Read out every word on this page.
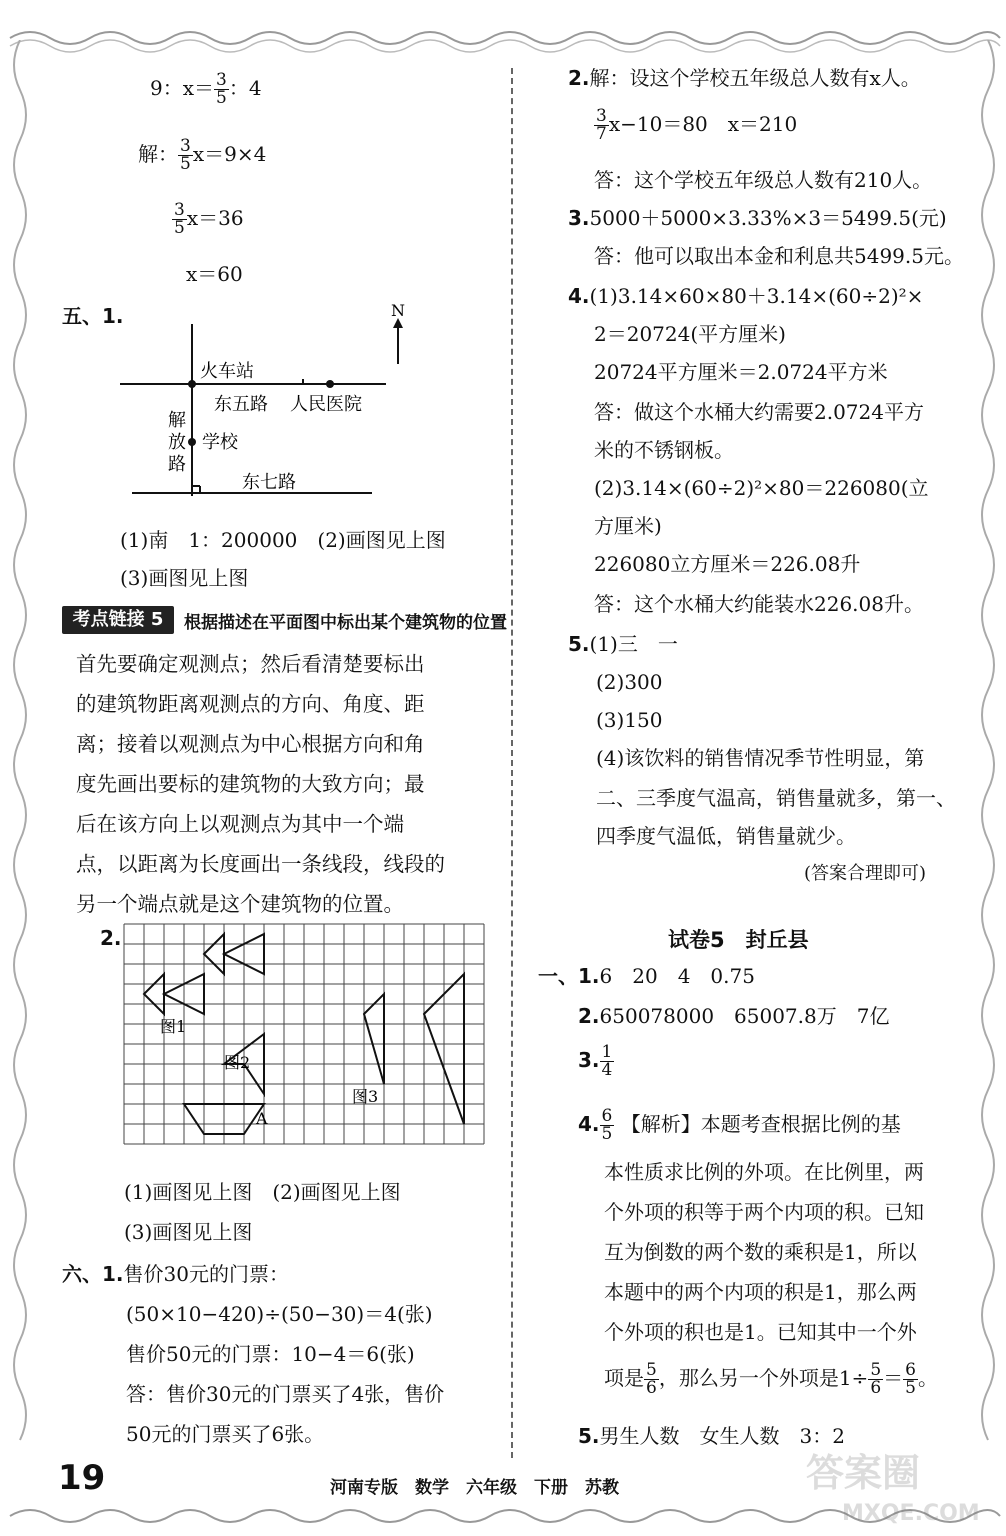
9：$x= \frac{3}{5}$ ：4
解： $\frac{3}{5} x=9\times 4$
$\frac{3}{5} x=36$
x＝60
五、1.	N
火车站
东五路 人民医院
解
放
路
学校
东七路
(1)南　1：200000　(2)画图见上图
(3)画图见上图
考点链接 5	根据描述在平面图中标出某个建筑物的位置
首先要确定观测点；然后看清楚要标出
的建筑物距离观测点的方向、角度、距
离；接着以观测点为中心根据方向和角
度先画出要标的建筑物的大致方向；最
后在该方向上以观测点为其中一个端
点，以距离为长度画出一条线段，线段的
另一个端点就是这个建筑物的位置。
2.
图1
图2
图3
A
(1)画图见上图　(2)画图见上图
(3)画图见上图
六、1.售价30元的门票：
(50×10−420)÷(50−30)＝4(张)
售价50元的门票：10−4＝6(张)
答：售价30元的门票买了4张，售价
50元的门票买了6张。
2.解：设这个学校五年级总人数有x人。
$\frac{3}{7} x-10=80$　x＝210
答：这个学校五年级总人数有210人。
3.5000＋5000×3.33%×3＝5499.5(元)
答：他可以取出本金和利息共5499.5元。
4.(1)3.14×60×80＋3.14×(60÷2)²×
2＝20724(平方厘米)
20724平方厘米＝2.0724平方米
答：做这个水桶大约需要2.0724平方
米的不锈钢板。
(2)3.14×(60÷2)²×80＝226080(立
方厘米)
226080立方厘米＝226.08升
答：这个水桶大约能装水226.08升。
5.(1)三　一
(2)300
(3)150
(4)该饮料的销售情况季节性明显，第
二、三季度气温高，销售量就多，第一、
四季度气温低，销售量就少。
(答案合理即可)
试卷5　封丘县
一、1.6　20　4　0.75
2.650078000　65007.8万　7亿
3. $\frac{1}{4}$
4. $\frac{6}{5}$ 【解析】本题考查根据比例的基
本性质求比例的外项。在比例里，两
个外项的积等于两个内项的积。已知
互为倒数的两个数的乘积是1，所以
本题中的两个内项的积是1，那么两
个外项的积也是1。已知其中一个外
项是 $\frac{5}{6}$ ，那么另一个外项是$1\div \frac{5}{6} = \frac{6}{5}$ 。
5.男生人数　女生人数　3：2
19	河南专版　数学　六年级　下册　苏教	答案圈
MXQE.COM
